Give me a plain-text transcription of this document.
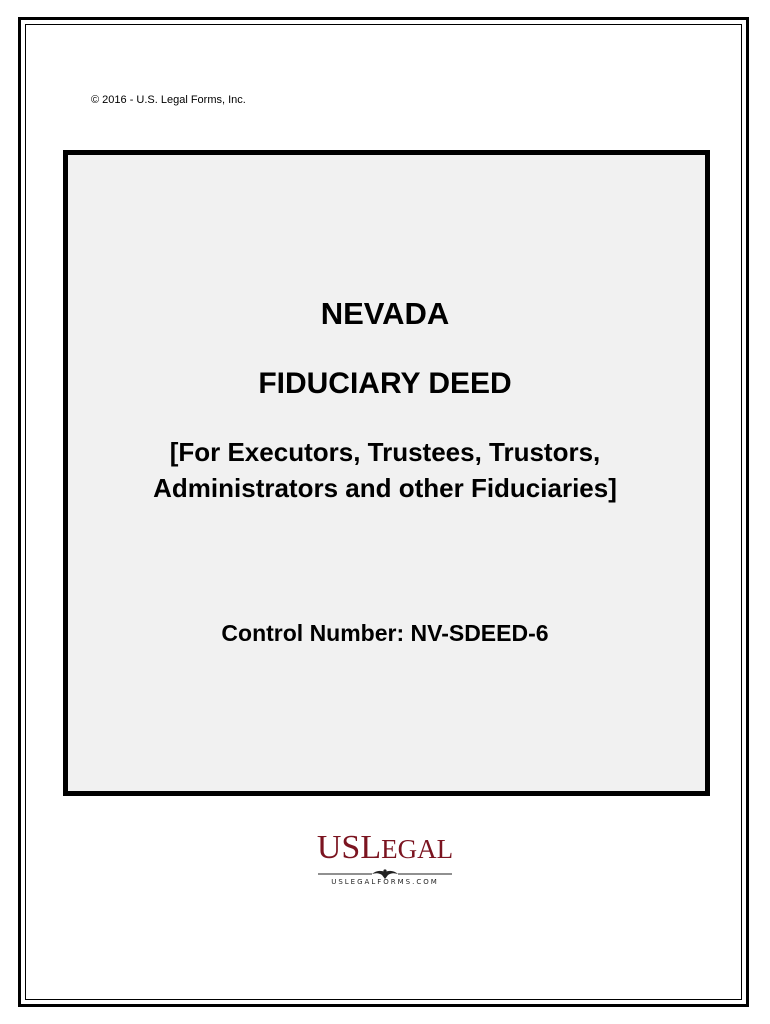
© 2016 - U.S. Legal Forms, Inc.
NEVADA
FIDUCIARY DEED
[For Executors, Trustees, Trustors,
Administrators and other Fiduciaries]
Control Number: NV-SDEED-6
USLEGAL
USLEGALFORMS.COM
